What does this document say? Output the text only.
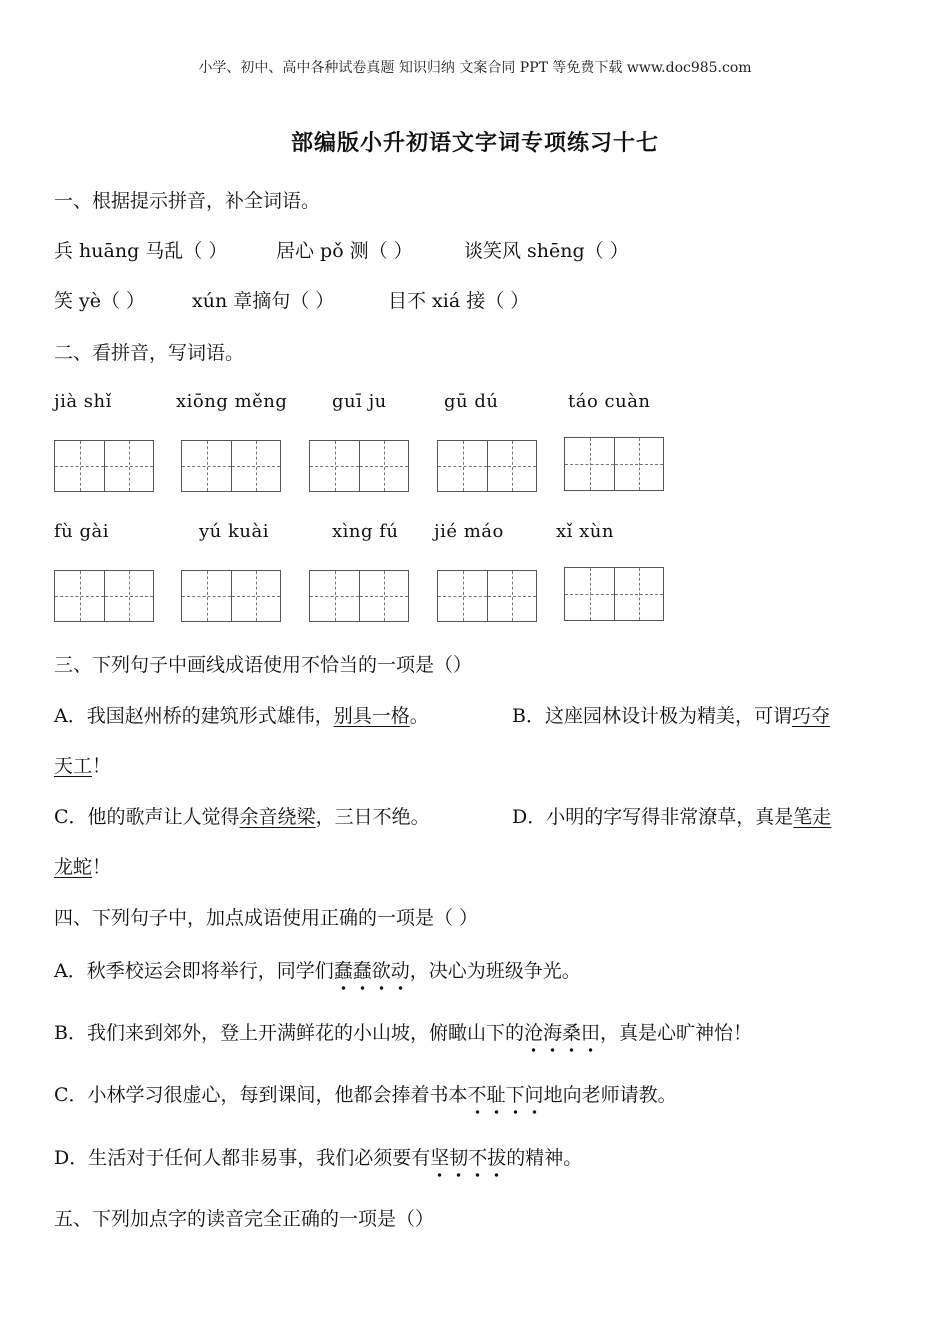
小学、初中、高中各种试卷真题 知识归纳 文案合同 PPT 等免费下载 www.doc985.com
部编版小升初语文字词专项练习十七
一、根据提示拼音，补全词语。
兵 huāng 马乱（ ）	居心 pǒ 测（ ）	谈笑风 shēng（ ）
笑 yè（ ） xún 章摘句（ ）	目不 xiá 接（ ）
二、看拼音，写词语。
jià shǐ	xiōng měng guī ju	gū dú	táo cuàn
fù gài	yú kuài	xìng fú jié máo	xǐ xùn
三、下列句子中画线成语使用不恰当的一项是（）
A．我国赵州桥的建筑形式雄伟，别具一格。	B．这座园林设计极为精美，可谓巧夺
天工！
C．他的歌声让人觉得余音绕梁，三日不绝。	D．小明的字写得非常潦草，真是笔走
龙蛇！
四、下列句子中，加点成语使用正确的一项是（ ）
A．秋季校运会即将举行，同学们蠢蠢欲动，决心为班级争光。
B．我们来到郊外，登上开满鲜花的小山坡，俯瞰山下的沧海桑田，真是心旷神怡！
C．小林学习很虚心，每到课间，他都会捧着书本不耻下问地向老师请教。
D．生活对于任何人都非易事，我们必须要有坚韧不拔的精神。
五、下列加点字的读音完全正确的一项是（）
